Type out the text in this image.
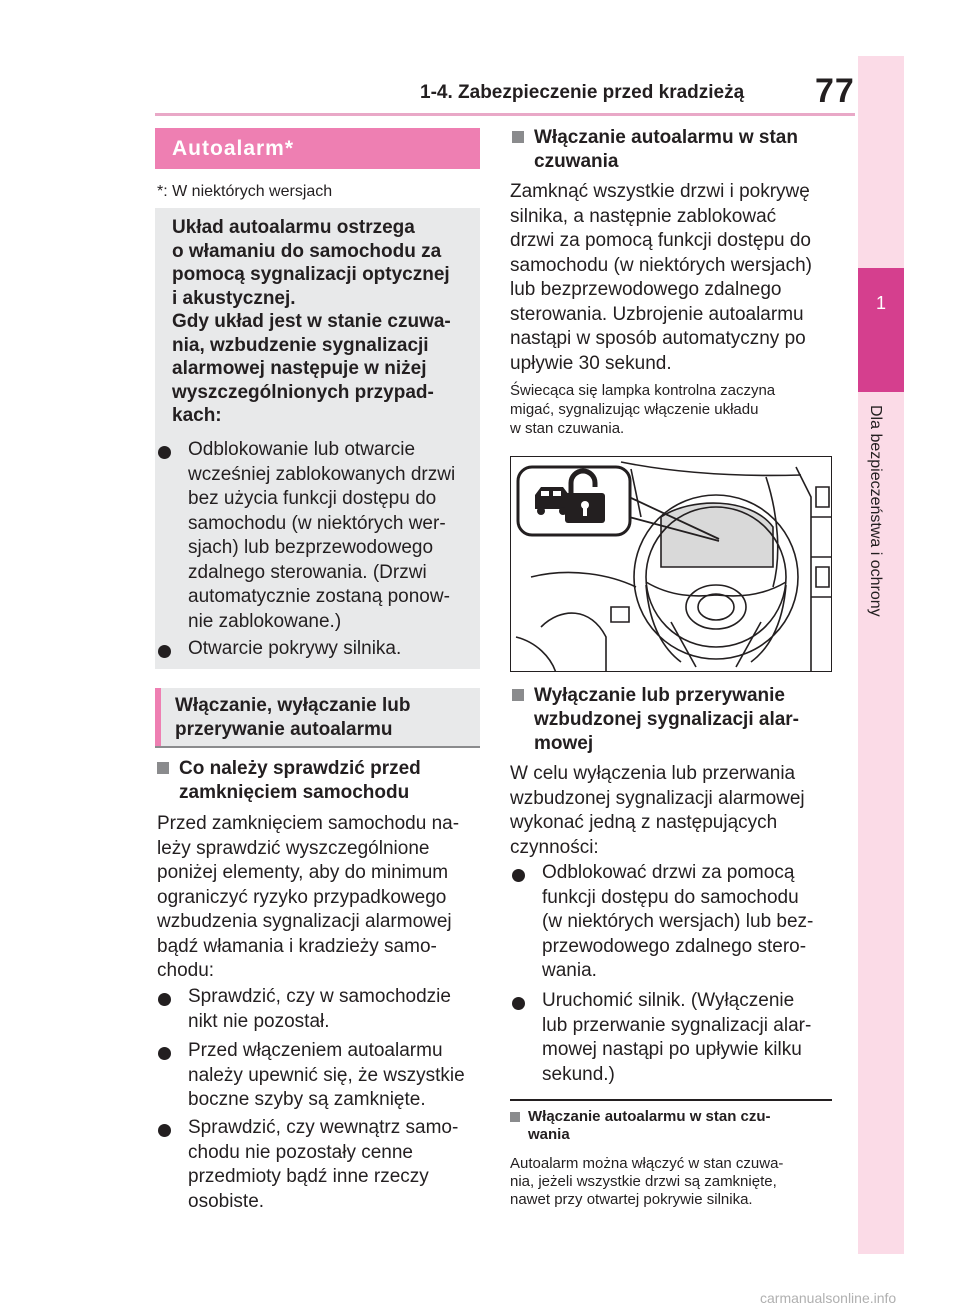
1-4. Zabezpieczenie przed kradzieżą 77
1
Dla bezpieczeństwa i ochrony
Autoalarm*
*: W niektórych wersjach
Układ autoalarmu ostrzega
o włamaniu do samochodu za
pomocą sygnalizacji optycznej
i akustycznej.
Gdy układ jest w stanie czuwa-
nia, wzbudzenie sygnalizacji
alarmowej następuje w niżej
wyszczególnionych przypad-
kach:
Odblokowanie lub otwarcie
wcześniej zablokowanych drzwi
bez użycia funkcji dostępu do
samochodu (w niektórych wer-
sjach) lub bezprzewodowego
zdalnego sterowania. (Drzwi
automatycznie zostaną ponow-
nie zablokowane.)
Otwarcie pokrywy silnika.
Włączanie, wyłączanie lub
przerywanie autoalarmu
Co należy sprawdzić przed
zamknięciem samochodu
Przed zamknięciem samochodu na-
leży sprawdzić wyszczególnione
poniżej elementy, aby do minimum
ograniczyć ryzyko przypadkowego
wzbudzenia sygnalizacji alarmowej
bądź włamania i kradzieży samo-
chodu:
Sprawdzić, czy w samochodzie
nikt nie pozostał.
Przed włączeniem autoalarmu
należy upewnić się, że wszystkie
boczne szyby są zamknięte.
Sprawdzić, czy wewnątrz samo-
chodu nie pozostały cenne
przedmioty bądź inne rzeczy
osobiste.
Włączanie autoalarmu w stan
czuwania
Zamknąć wszystkie drzwi i pokrywę
silnika, a następnie zablokować
drzwi za pomocą funkcji dostępu do
samochodu (w niektórych wersjach)
lub bezprzewodowego zdalnego
sterowania. Uzbrojenie autoalarmu
nastąpi w sposób automatyczny po
upływie 30 sekund.
Świecąca się lampka kontrolna zaczyna
migać, sygnalizując włączenie układu
w stan czuwania.
Wyłączanie lub przerywanie
wzbudzonej sygnalizacji alar-
mowej
W celu wyłączenia lub przerwania
wzbudzonej sygnalizacji alarmowej
wykonać jedną z następujących
czynności:
Odblokować drzwi za pomocą
funkcji dostępu do samochodu
(w niektórych wersjach) lub bez-
przewodowego zdalnego stero-
wania.
Uruchomić silnik. (Wyłączenie
lub przerwanie sygnalizacji alar-
mowej nastąpi po upływie kilku
sekund.)
Włączanie autoalarmu w stan czu-
wania
Autoalarm można włączyć w stan czuwa-
nia, jeżeli wszystkie drzwi są zamknięte,
nawet przy otwartej pokrywie silnika.
carmanualsonline.info
